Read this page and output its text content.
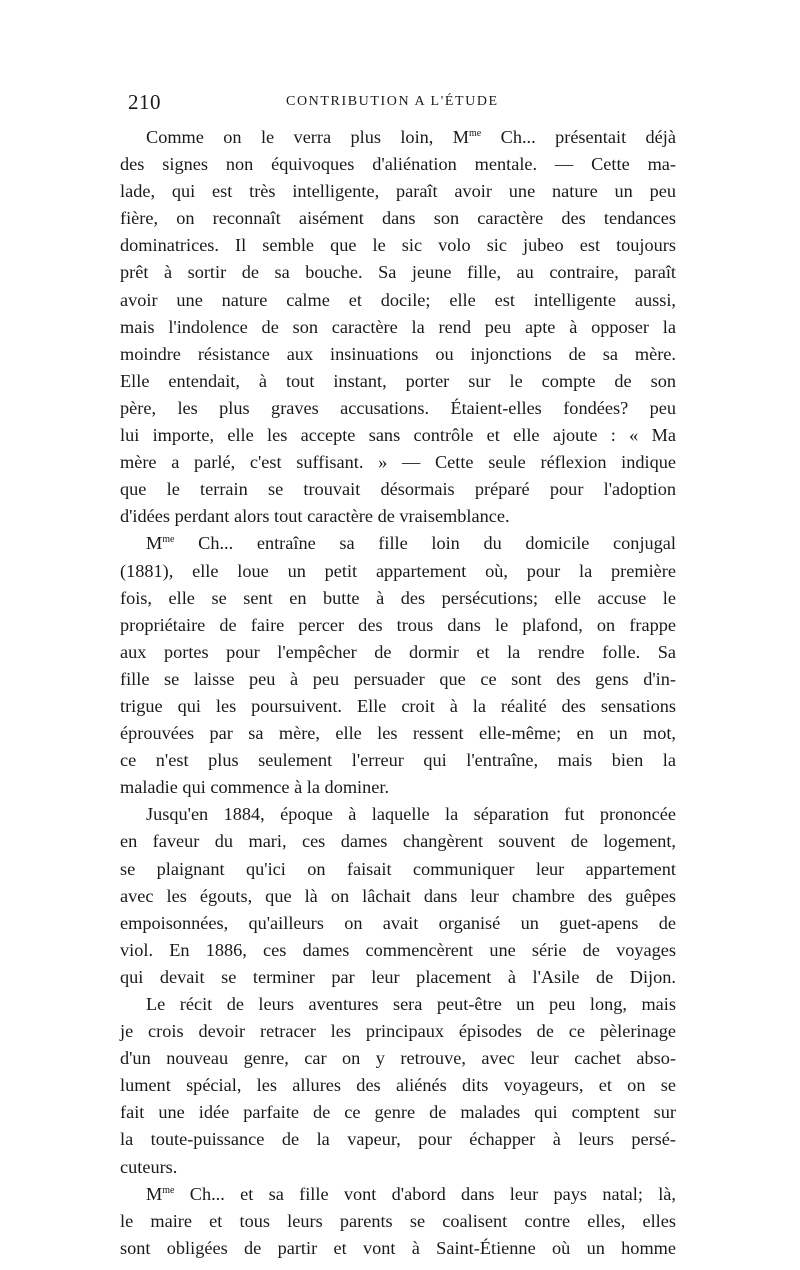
210	CONTRIBUTION A L'ÉTUDE

Comme on le verra plus loin, $M^{me}$ Ch... présentait déjà
des signes non équivoques d'aliénation mentale. — Cette ma-
lade, qui est très intelligente, paraît avoir une nature un peu
fière, on reconnaît aisément dans son caractère des tendances
dominatrices. Il semble que le sic volo sic jubeo est toujours
prêt à sortir de sa bouche. Sa jeune fille, au contraire, paraît
avoir une nature calme et docile; elle est intelligente aussi,
mais l'indolence de son caractère la rend peu apte à opposer la
moindre résistance aux insinuations ou injonctions de sa mère.
Elle entendait, à tout instant, porter sur le compte de son
père, les plus graves accusations. Étaient-elles fondées? peu
lui importe, elle les accepte sans contrôle et elle ajoute : « Ma
mère a parlé, c'est suffisant. » — Cette seule réflexion indique
que le terrain se trouvait désormais préparé pour l'adoption
d'idées perdant alors tout caractère de vraisemblance.

$M^{me}$ Ch... entraîne sa fille loin du domicile conjugal
(1881), elle loue un petit appartement où, pour la première
fois, elle se sent en butte à des persécutions; elle accuse le
propriétaire de faire percer des trous dans le plafond, on frappe
aux portes pour l'empêcher de dormir et la rendre folle. Sa
fille se laisse peu à peu persuader que ce sont des gens d'in-
trigue qui les poursuivent. Elle croit à la réalité des sensations
éprouvées par sa mère, elle les ressent elle-même; en un mot,
ce n'est plus seulement l'erreur qui l'entraîne, mais bien la
maladie qui commence à la dominer.

Jusqu'en 1884, époque à laquelle la séparation fut prononcée
en faveur du mari, ces dames changèrent souvent de logement,
se plaignant qu'ici on faisait communiquer leur appartement
avec les égouts, que là on lâchait dans leur chambre des guêpes
empoisonnées, qu'ailleurs on avait organisé un guet-apens de
viol. En 1886, ces dames commencèrent une série de voyages
qui devait se terminer par leur placement à l'Asile de Dijon.

Le récit de leurs aventures sera peut-être un peu long, mais
je crois devoir retracer les principaux épisodes de ce pèlerinage
d'un nouveau genre, car on y retrouve, avec leur cachet abso-
lument spécial, les allures des aliénés dits voyageurs, et on se
fait une idée parfaite de ce genre de malades qui comptent sur
la toute-puissance de la vapeur, pour échapper à leurs persé-
cuteurs.

$M^{me}$ Ch... et sa fille vont d'abord dans leur pays natal; là,
le maire et tous leurs parents se coalisent contre elles, elles
sont obligées de partir et vont à Saint-Étienne où un homme
